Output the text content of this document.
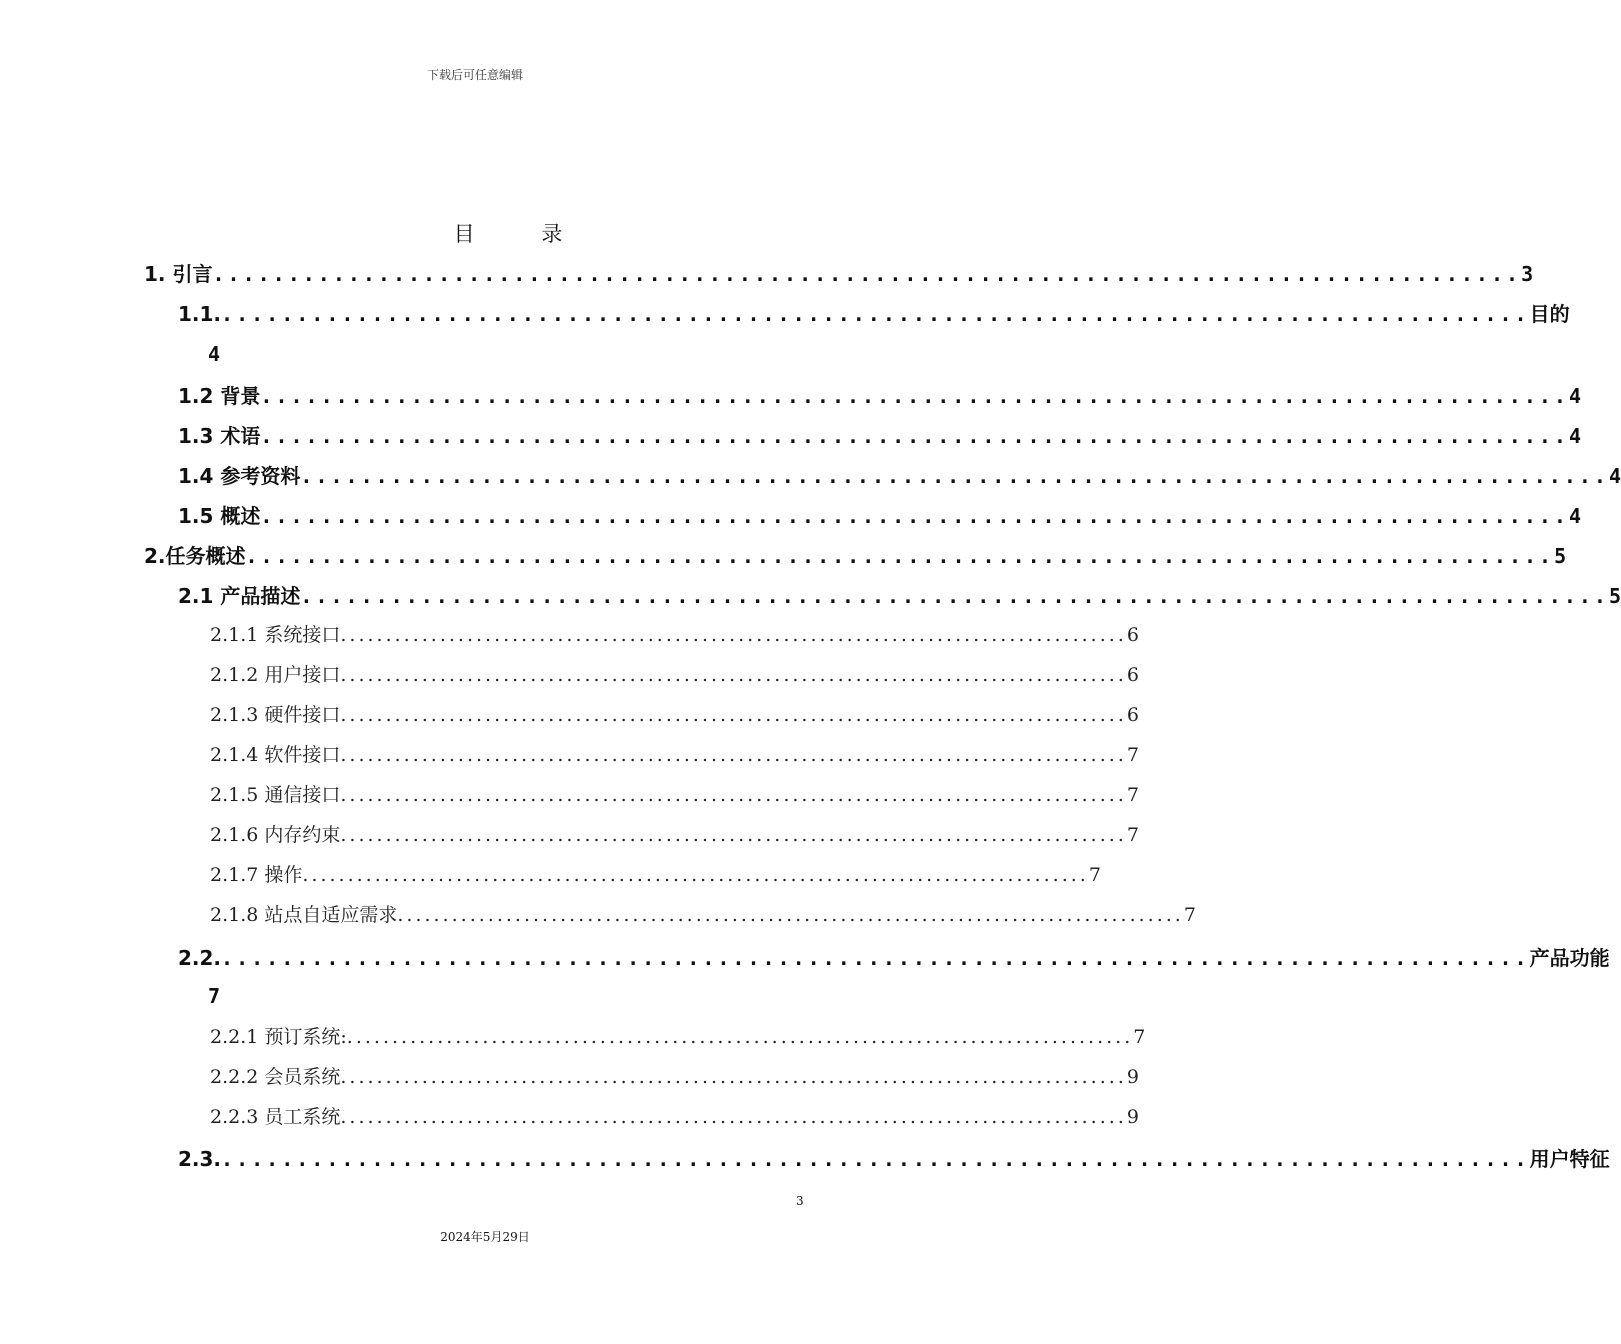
下载后可任意编辑
目 录
1. 引言 ....................................................................................... 3
1.1. ....................................................................................... 目的
4
1.2 背景 ....................................................................................... 4
1.3 术语 ....................................................................................... 4
1.4 参考资料 ....................................................................................... 4
1.5 概述 ....................................................................................... 4
2.任务概述 ....................................................................................... 5
2.1 产品描述 ....................................................................................... 5
2.1.1 系统接口 ....................................................................................... 6
2.1.2 用户接口 ....................................................................................... 6
2.1.3 硬件接口 ....................................................................................... 6
2.1.4 软件接口 ....................................................................................... 7
2.1.5 通信接口 ....................................................................................... 7
2.1.6 内存约束 ....................................................................................... 7
2.1.7 操作 ....................................................................................... 7
2.1.8 站点自适应需求 ....................................................................................... 7
2.2. ....................................................................................... 产品功能
7
2.2.1 预订系统: ....................................................................................... 7
2.2.2 会员系统 ....................................................................................... 9
2.2.3 员工系统 ....................................................................................... 9
2.3. ....................................................................................... 用户特征
3
2024年5月29日
